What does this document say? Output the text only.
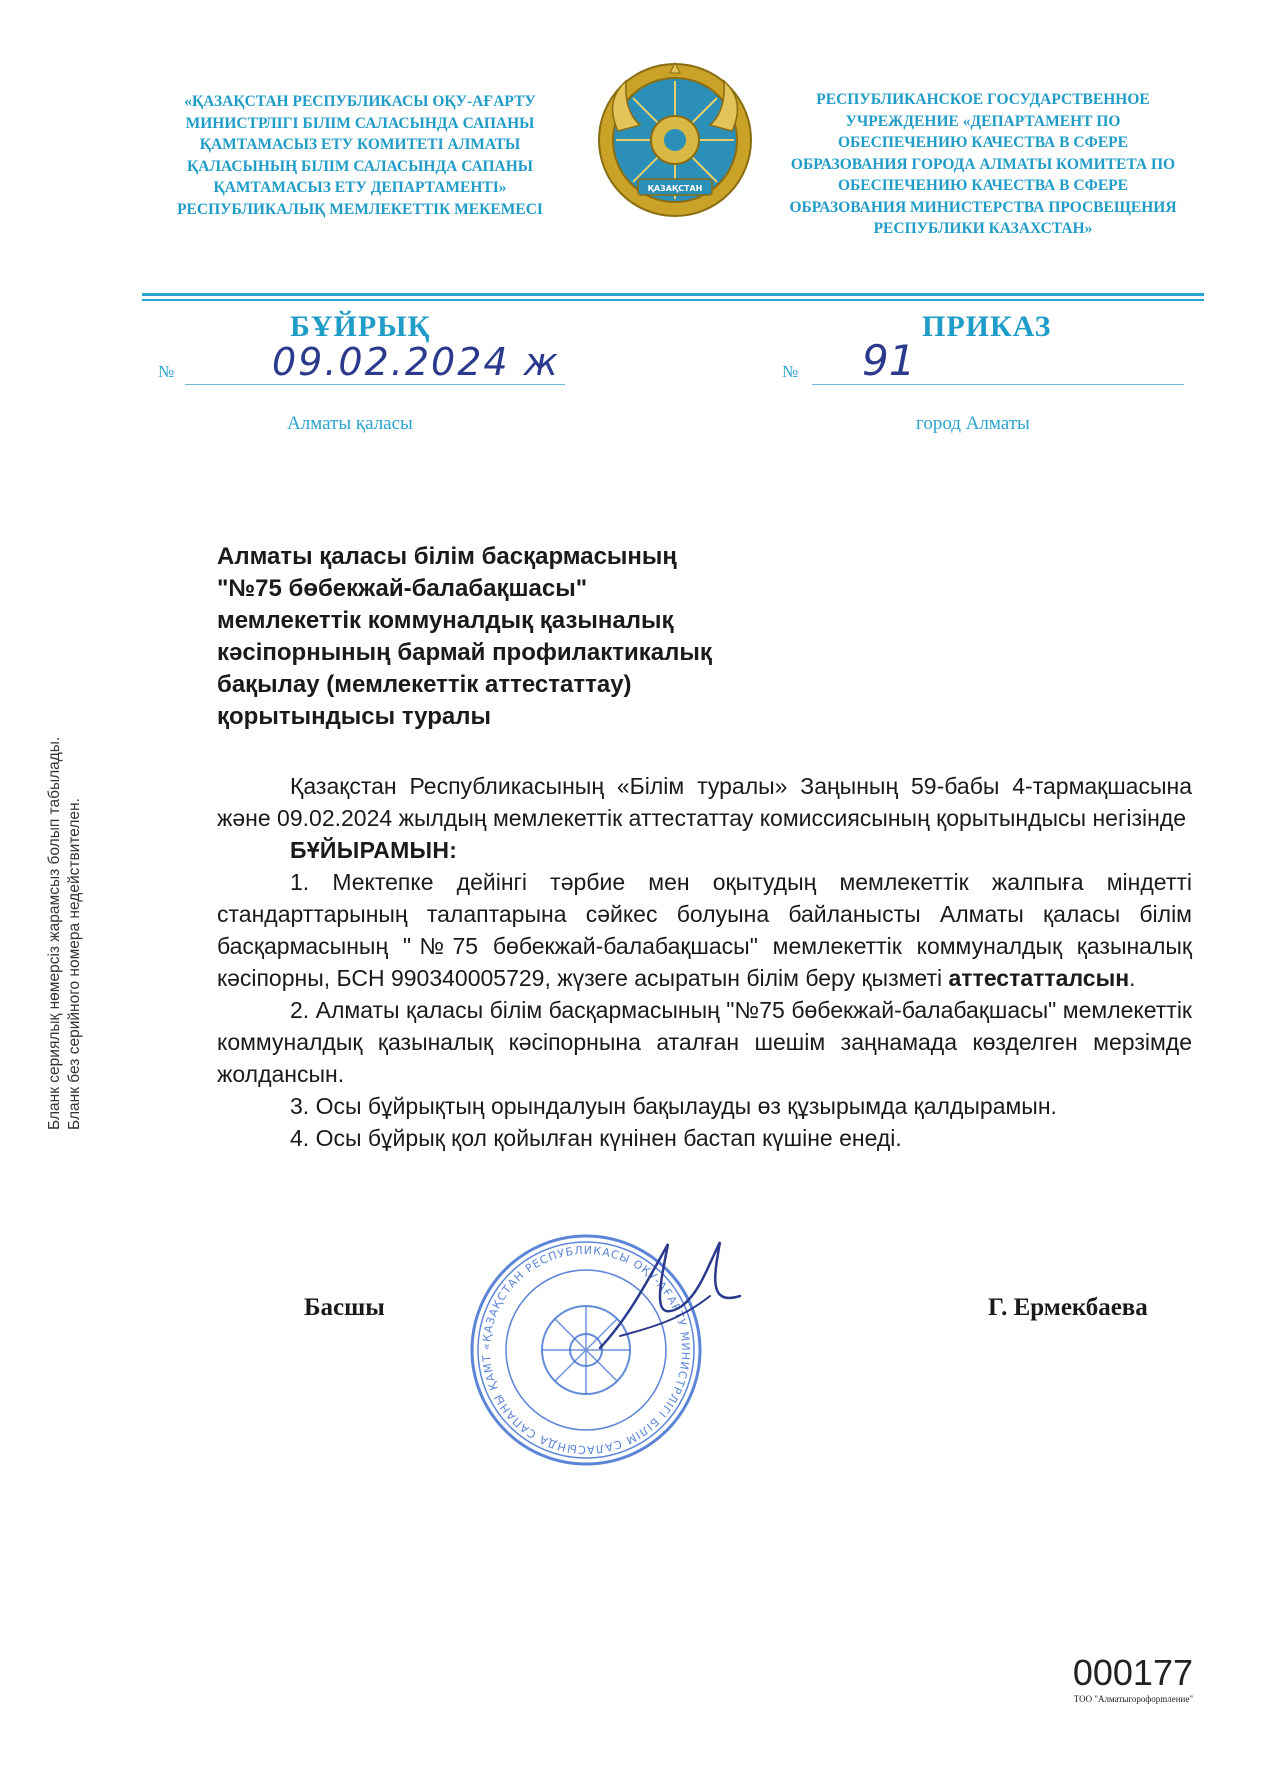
«ҚАЗАҚСТАН РЕСПУБЛИКАСЫ ОҚУ-АҒАРТУ
МИНИСТРЛІГІ БІЛІМ САЛАСЫНДА САПАНЫ
ҚАМТАМАСЫЗ ЕТУ КОМИТЕТІ АЛМАТЫ
ҚАЛАСЫНЫҢ БІЛІМ САЛАСЫНДА САПАНЫ
ҚАМТАМАСЫЗ ЕТУ ДЕПАРТАМЕНТІ»
РЕСПУБЛИКАЛЫҚ МЕМЛЕКЕТТІК МЕКЕМЕСІ
ҚАЗАҚСТАН
РЕСПУБЛИКАНСКОЕ ГОСУДАРСТВЕННОЕ
УЧРЕЖДЕНИЕ «ДЕПАРТАМЕНТ ПО
ОБЕСПЕЧЕНИЮ КАЧЕСТВА В СФЕРЕ
ОБРАЗОВАНИЯ ГОРОДА АЛМАТЫ КОМИТЕТА ПО
ОБЕСПЕЧЕНИЮ КАЧЕСТВА В СФЕРЕ
ОБРАЗОВАНИЯ МИНИСТЕРСТВА ПРОСВЕЩЕНИЯ
РЕСПУБЛИКИ КАЗАХСТАН»
БҰЙРЫҚ	ПРИКАЗ
№	09.02.2024 ж	№ 91
Алматы қаласы	город Алматы
Алматы қаласы білім басқармасының
"№75 бөбекжай-балабақшасы"
мемлекеттік коммуналдық қазыналық
кәсіпорнының бармай профилактикалық
бақылау (мемлекеттік аттестаттау)
қорытындысы туралы

Қазақстан Республикасының «Білім туралы» Заңының 59-бабы 4-тармақшасына және 09.02.2024 жылдың мемлекеттік аттестаттау комиссиясының қорытындысы негізінде

БҰЙЫРАМЫН:

1. Мектепке дейінгі тәрбие мен оқытудың мемлекеттік жалпыға міндетті стандарттарының талаптарына сәйкес болуына байланысты Алматы қаласы білім басқармасының "№75 бөбекжай-балабақшасы" мемлекеттік коммуналдық қазыналық кәсіпорны, БСН 990340005729, жүзеге асыратын білім беру қызметі аттестатталсын.

2. Алматы қаласы білім басқармасының "№75 бөбекжай-балабақшасы" мемлекеттік коммуналдық қазыналық кәсіпорнына аталған шешім заңнамада көзделген мерзімде жолдансын.

3. Осы бұйрықтың орындалуын бақылауды өз құзырымда қалдырамын.

4. Осы бұйрық қол қойылған күнінен бастап күшіне енеді.

Басшы	Г. Ермекбаева
«ҚАЗАҚСТАН РЕСПУБЛИКАСЫ ОҚУ-АҒАРТУ МИНИСТРЛІГІ БІЛІМ САЛАСЫНДА САПАНЫ ҚАМТ
Бланк сериялық нөмерсіз жарамсыз болып табылады. Бланк без серийного номера недействителен.
000177
ТОО "Алматыгорофорmление"
